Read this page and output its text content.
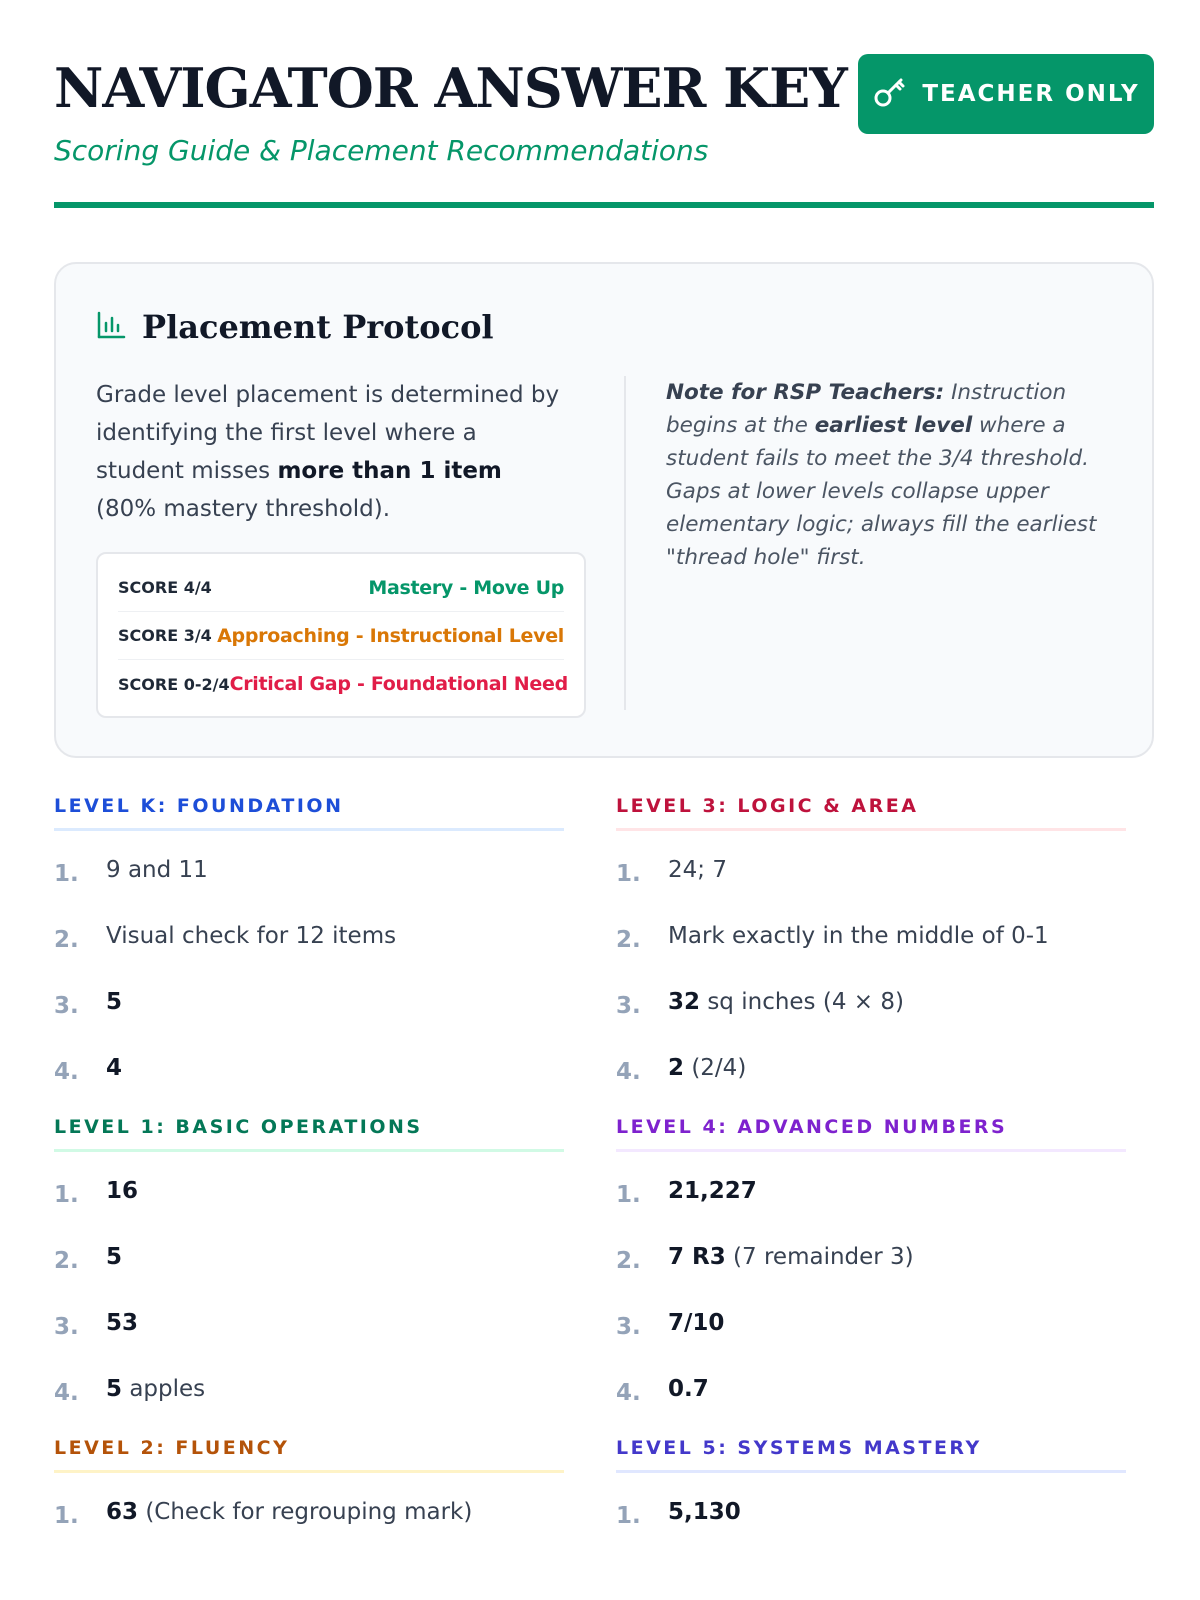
NAVIGATOR ANSWER KEY
Scoring Guide & Placement Recommendations
TEACHER ONLY
Placement Protocol
Grade level placement is determined by identifying the first level where a student misses more than 1 item (80% mastery threshold).
SCORE 4/4	Mastery - Move Up
SCORE 3/4 Approaching - Instructional Level
SCORE 0-2/4 Critical Gap - Foundational Need
Note for RSP Teachers: Instruction begins at the earliest level where a student fails to meet the 3/4 threshold. Gaps at lower levels collapse upper elementary logic; always fill the earliest "thread hole" first.
LEVEL K: FOUNDATION
1.	9 and 11
2.	Visual check for 12 items
3.	5
4.	4
LEVEL 1: BASIC OPERATIONS
1.	16
2.	5
3.	53
4.	5 apples
LEVEL 2: FLUENCY
1.	63 (Check for regrouping mark)
LEVEL 3: LOGIC & AREA
1.	24; 7
2.	Mark exactly in the middle of 0-1
3.	32 sq inches (4 × 8)
4.	2 (2/4)
LEVEL 4: ADVANCED NUMBERS
1.	21,227
2.	7 R3 (7 remainder 3)
3.	7/10
4.	0.7
LEVEL 5: SYSTEMS MASTERY
1.	5,130
